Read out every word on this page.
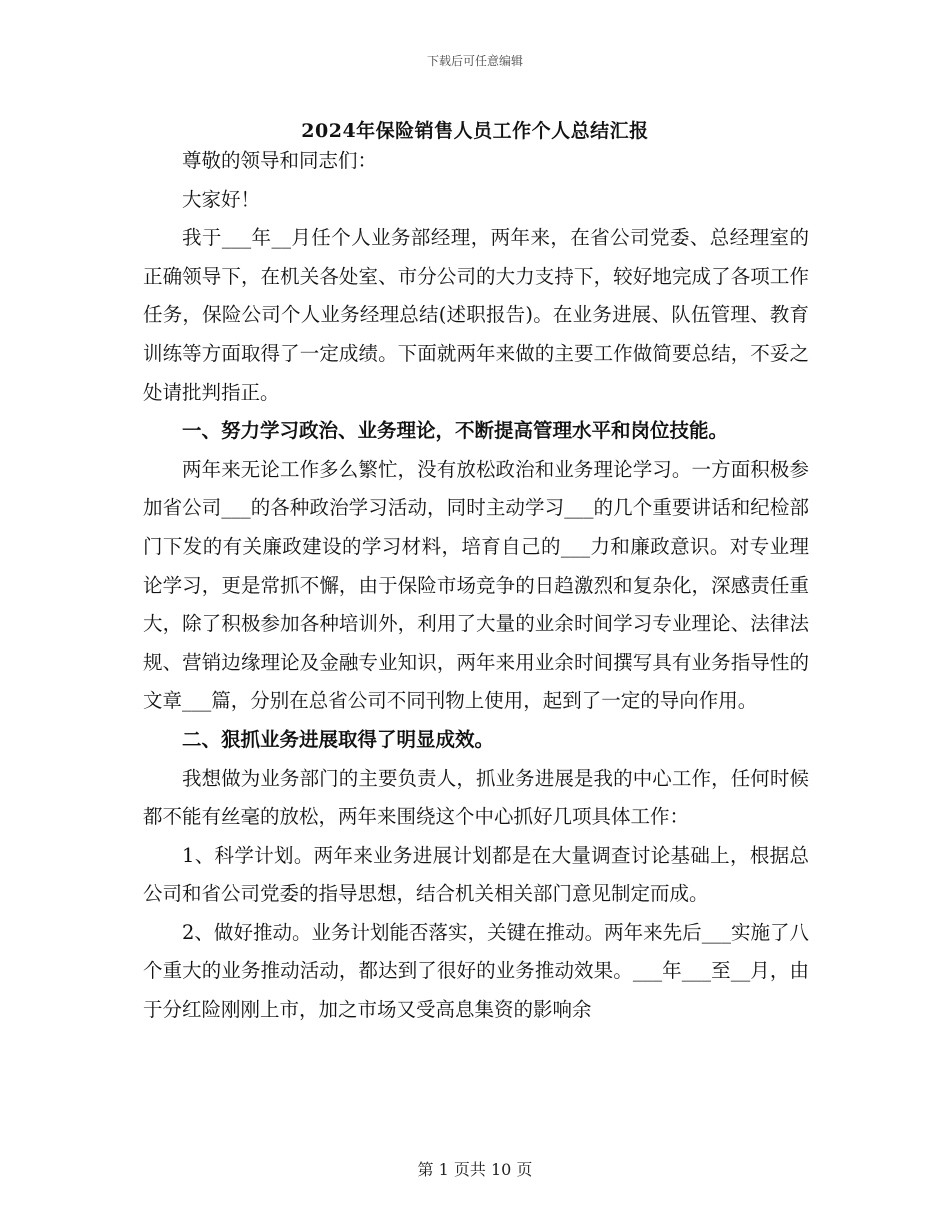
下载后可任意编辑
2024年保险销售人员工作个人总结汇报

尊敬的领导和同志们：

大家好！

我于___年__月任个人业务部经理，两年来，在省公司党委、总经理室的正确领导下，在机关各处室、市分公司的大力支持下，较好地完成了各项工作任务，保险公司个人业务经理总结(述职报告)。在业务进展、队伍管理、教育训练等方面取得了一定成绩。下面就两年来做的主要工作做简要总结，不妥之处请批判指正。

一、努力学习政治、业务理论，不断提高管理水平和岗位技能。

两年来无论工作多么繁忙，没有放松政治和业务理论学习。一方面积极参加省公司___的各种政治学习活动，同时主动学习___的几个重要讲话和纪检部门下发的有关廉政建设的学习材料，培育自己的___力和廉政意识。对专业理论学习，更是常抓不懈，由于保险市场竞争的日趋激烈和复杂化，深感责任重大，除了积极参加各种培训外，利用了大量的业余时间学习专业理论、法律法规、营销边缘理论及金融专业知识，两年来用业余时间撰写具有业务指导性的文章___篇，分别在总省公司不同刊物上使用，起到了一定的导向作用。

二、狠抓业务进展取得了明显成效。

我想做为业务部门的主要负责人，抓业务进展是我的中心工作，任何时候都不能有丝毫的放松，两年来围绕这个中心抓好几项具体工作：

1、科学计划。两年来业务进展计划都是在大量调查讨论基础上，根据总公司和省公司党委的指导思想，结合机关相关部门意见制定而成。

2、做好推动。业务计划能否落实，关键在推动。两年来先后___实施了八个重大的业务推动活动，都达到了很好的业务推动效果。___年___至__月，由于分红险刚刚上市，加之市场又受高息集资的影响余

第 1 页共 10 页
